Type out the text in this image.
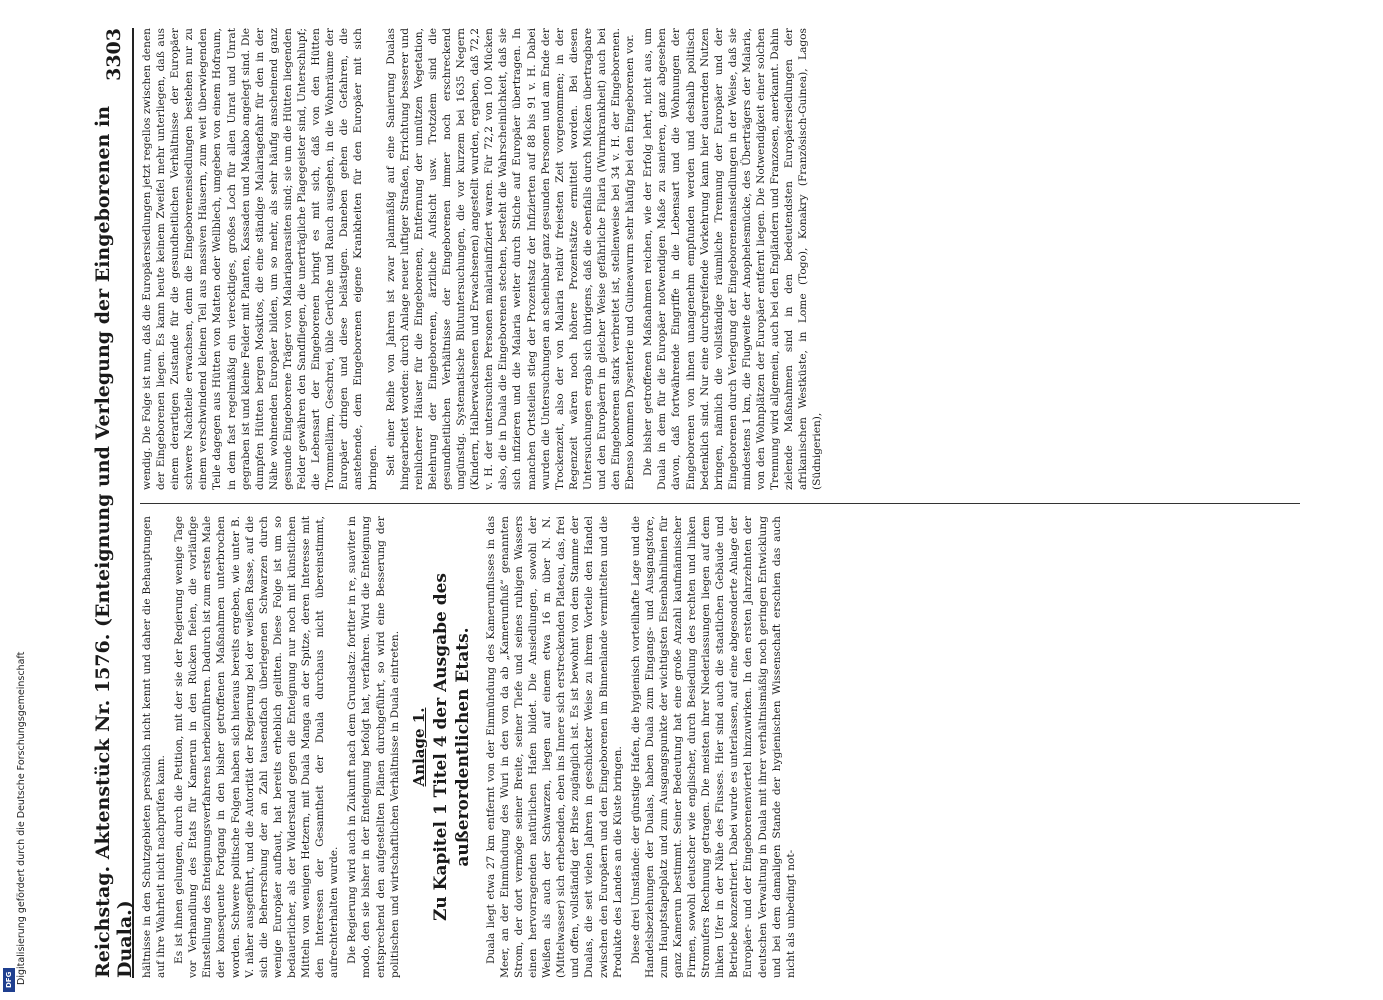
Reichstag. Aktenstück Nr. 1576. (Enteignung und Verlegung der Eingeborenen in Duala.)
3303

hältnisse in den Schutzgebieten persönlich nicht kennt und daher die Behauptungen auf ihre Wahrheit nicht nachprüfen kann. Es ist ihnen gelungen, durch die Petition, mit der sie der Regierung wenige Tage vor Verhandlung des Etats für Kamerun in den Rücken fielen, die vorläufige Einstellung des Enteignungsverfahrens herbeizuführen. Dadurch ist zum ersten Male der konsequente Fortgang in den bisher getroffenen Maßnahmen unterbrochen worden. Schwere politische Folgen haben sich hieraus bereits ergeben, wie unter B. V. näher ausgeführt, und die Autorität der Regierung bei der weißen Rasse, auf die sich die Beherrschung der an Zahl tausendfach überlegenen Schwarzen durch wenige Europäer aufbaut, hat bereits erheblich gelitten. Diese Folge ist um so bedauerlicher, als der Widerstand gegen die Enteignung nur noch mit künstlichen Mitteln von wenigen Hetzern, mit Duala Manga an der Spitze, deren Interesse mit den Interessen der Gesamtheit der Duala durchaus nicht übereinstimmt, aufrechterhalten wurde. Die Regierung wird auch in Zukunft nach dem Grundsatz: fortiter in re, suaviter in modo, den sie bisher in der Enteignung befolgt hat, verfahren. Wird die Enteignung entsprechend den aufgestellten Plänen durchgeführt, so wird eine Besserung der politischen und wirtschaftlichen Verhältnisse in Duala eintreten. Anlage 1. Zu Kapitel 1 Titel 4 der Ausgabe des außerordentlichen Etats. Duala liegt etwa 27 km entfernt von der Einmündung des Kamerunflusses in das Meer, an der Einmündung des Wuri in den von da ab „Kamerunfluß“ genannten Strom, der dort vermöge seiner Breite, seiner Tiefe und seines ruhigen Wassers einen hervorragenden natürlichen Hafen bildet. Die Ansiedlungen, sowohl der Weißen als auch der Schwarzen, liegen auf einem etwa 16 m über N. N. (Mittelwasser) sich erhebenden, eben ins Innere sich erstreckenden Plateau, das, frei und offen, vollständig der Brise zugänglich ist. Es ist bewohnt von dem Stamme der Dualas, die seit vielen Jahren in geschickter Weise zu ihrem Vorteile den Handel zwischen den Europäern und den Eingeborenen im Binnenlande vermittelten und die Produkte des Landes an die Küste bringen. Diese drei Umstände: der günstige Hafen, die hygienisch vorteilhafte Lage und die Handelsbeziehungen der Dualas, haben Duala zum Eingangs- und Ausgangstore, zum Hauptstapelplatz und zum Ausgangspunkte der wichtigsten Eisenbahnlinien für ganz Kamerun bestimmt. Seiner Bedeutung hat eine große Anzahl kaufmännischer Firmen, sowohl deutscher wie englischer, durch Besiedlung des rechten und linken Stromufers Rechnung getragen. Die meisten ihrer Niederlassungen liegen auf dem linken Ufer in der Nähe des Flusses. Hier sind auch die staatlichen Gebäude und Betriebe konzentriert. Dabei wurde es unterlassen, auf eine abgesonderte Anlage der Europäer- und der Eingeborenenviertel hinzuwirken. In den ersten Jahrzehnten der deutschen Verwaltung in Duala mit ihrer verhältnismäßig noch geringen Entwicklung und bei dem damaligen Stande der hygienischen Wissenschaft erschien das auch nicht als unbedingt not-

wendig. Die Folge ist nun, daß die Europäersiedlungen jetzt regellos zwischen denen der Eingeborenen liegen. Es kann heute keinem Zweifel mehr unterliegen, daß aus einem derartigen Zustande für die gesundheitlichen Verhältnisse der Europäer schwere Nachteile erwachsen, denn die Eingeborenensiedlungen bestehen nur zu einem verschwindend kleinen Teil aus massiven Häusern, zum weit überwiegenden Teile dagegen aus Hütten von Matten oder Wellblech, umgeben von einem Hofraum, in dem fast regelmäßig ein vierecktiges, großes Loch für allen Unrat und Unrat gegraben ist und kleine Felder mit Planten, Kassaden und Makabo angelegt sind. Die dumpfen Hütten bergen Moskitos, die eine ständige Malariagefahr für den in der Nähe wohnenden Europäer bilden, um so mehr, als sehr häufig anscheinend ganz gesunde Eingeborene Träger von Malariaparasiten sind; sie um die Hütten liegenden Felder gewähren den Sandfliegen, die unerträgliche Plagegeister sind, Unterschlupf; die Lebensart der Eingeborenen bringt es mit sich, daß von den Hütten Trommellärm, Geschrei, üble Gerüche und Rauch ausgehen, in die Wohnräume der Europäer dringen und diese belästigen. Daneben gehen die Gefahren, die anstehende, dem Eingeborenen eigene Krankheiten für den Europäer mit sich bringen. Seit einer Reihe von Jahren ist zwar planmäßig auf eine Sanierung Dualas hingearbeitet worden: durch Anlage neuer luftiger Straßen, Errichtung besserer und reinlicherer Häuser für die Eingeborenen, Entfernung der unnützen Vegetation, Belehrung der Eingeborenen, ärztliche Aufsicht usw. Trotzdem sind die gesundheitlichen Verhältnisse der Eingeborenen immer noch erschreckend ungünstig. Systematische Blutuntersuchungen, die vor kurzem bei 1635 Negern (Kindern, Halberwachsenen und Erwachsenen) angestellt wurden, ergaben, daß 72,2 v. H. der untersuchten Personen malariainfiziert waren. Für 72,2 von 100 Mücken also, die in Duala die Eingeborenen stechen, besteht die Wahrscheinlichkeit, daß sie sich infizieren und die Malaria weiter durch Stiche auf Europäer übertragen. In manchen Ortsteilen stieg der Prozentsatz der Infizierten auf 88 bis 91 v. H. Dabei wurden die Untersuchungen an scheinbar ganz gesunden Personen und am Ende der Trockenzeit, also der von Malaria relativ freiesten Zeit vorgenommen; in der Regenzeit wären noch höhere Prozentsätze ermittelt worden. Bei diesen Untersuchungen ergab sich übrigens, daß die ebenfalls durch Mücken übertragbare und den Europäern in gleicher Weise gefährliche Filaria (Wurmkrankheit) auch bei den Eingeborenen stark verbreitet ist, stellenweise bei 34 v. H. der Eingeborenen. Ebenso kommen Dysenterie und Guineawurm sehr häufig bei den Eingeborenen vor. Die bisher getroffenen Maßnahmen reichen, wie der Erfolg lehrt, nicht aus, um Duala in dem für die Europäer notwendigen Maße zu sanieren, ganz abgesehen davon, daß fortwährende Eingriffe in die Lebensart und die Wohnungen der Eingeborenen von ihnen unangenehm empfunden werden und deshalb politisch bedenklich sind. Nur eine durchgreifende Vorkehrung kann hier dauernden Nutzen bringen, nämlich die vollständige räumliche Trennung der Europäer und der Eingeborenen durch Verlegung der Eingeborenenansiedlungen in der Weise, daß sie mindestens 1 km, die Flugweite der Anophelesmücke, des Überträgers der Malaria, von den Wohnplätzen der Europäer entfernt liegen. Die Notwendigkeit einer solchen Trennung wird allgemein, auch bei den Engländern und Franzosen, anerkannt. Dahin zielende Maßnahmen sind in den bedeutendsten Europäersiedlungen der afrikanischen Westküste, in Lome (Togo), Konakry (Französisch-Guinea), Lagos (Südnigerien),

Digitalisierung gefördert durch die Deutsche Forschungsgemeinschaft
DFG
